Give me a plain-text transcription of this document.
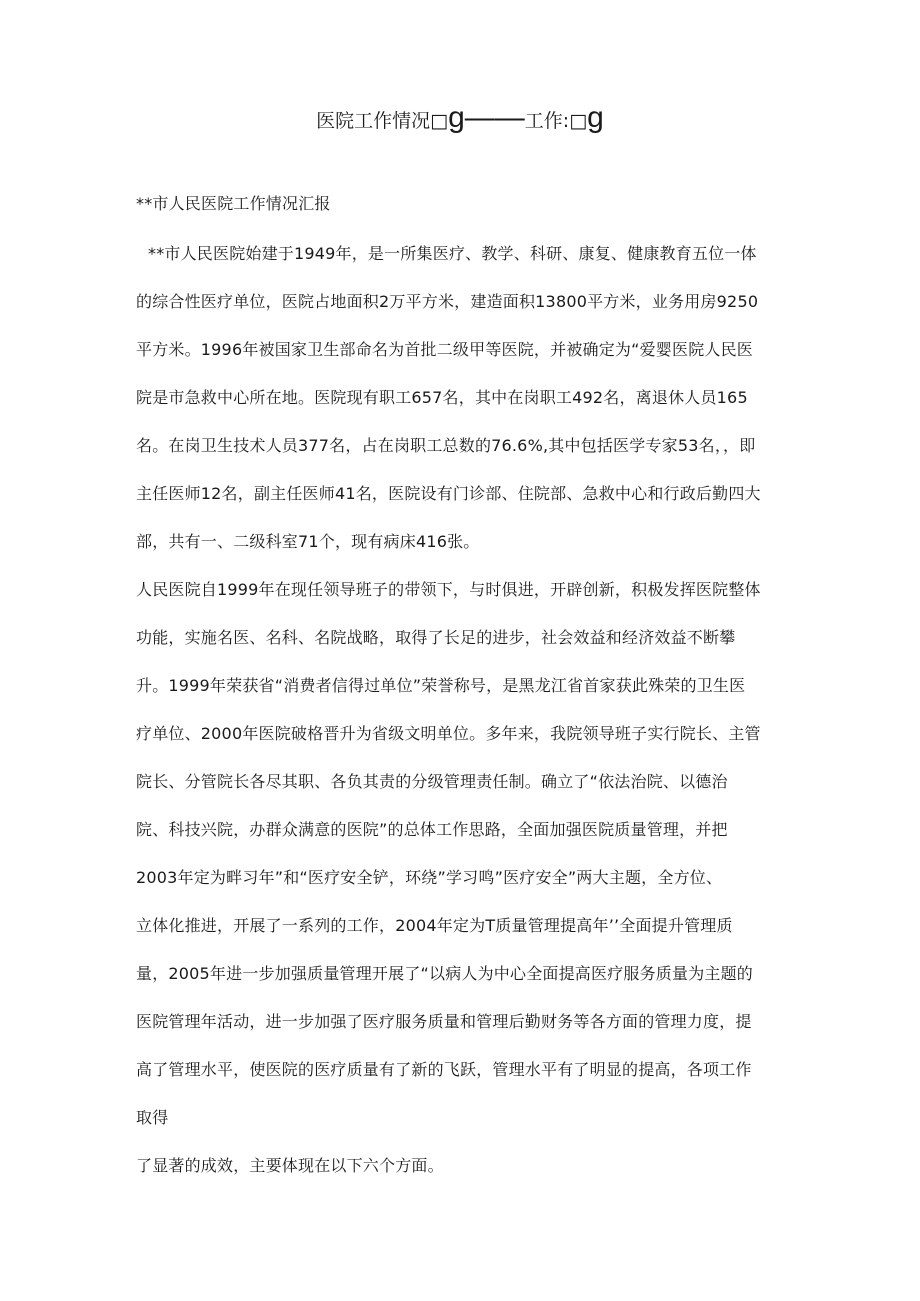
医院工作情况□g——工作:□g
**市人民医院工作情况汇报
**市人民医院始建于1949年，是一所集医疗、教学、科研、康复、健康教育五位一体
的综合性医疗单位，医院占地面积2万平方米，建造面积13800平方米，业务用房9250
平方米。1996年被国家卫生部命名为首批二级甲等医院，并被确定为“爱婴医院人民医
院是市急救中心所在地。医院现有职工657名，其中在岗职工492名，离退休人员165
名。在岗卫生技术人员377名，占在岗职工总数的76.6%,其中包括医学专家53名，，即
主任医师12名，副主任医师41名，医院设有门诊部、住院部、急救中心和行政后勤四大
部，共有一、二级科室71个，现有病床416张。
人民医院自1999年在现任领导班子的带领下，与时俱进，开辟创新，积极发挥医院整体
功能，实施名医、名科、名院战略，取得了长足的进步，社会效益和经济效益不断攀
升。1999年荣获省“消费者信得过单位”荣誉称号，是黑龙江省首家获此殊荣的卫生医
疗单位、2000年医院破格晋升为省级文明单位。多年来，我院领导班子实行院长、主管
院长、分管院长各尽其职、各负其责的分级管理责任制。确立了“依法治院、以德治
院、科技兴院，办群众满意的医院”的总体工作思路，全面加强医院质量管理，并把
2003年定为畔习年”和“医疗安全铲，环绕”学习鸣”医疗安全”两大主题，全方位、
立体化推进，开展了一系列的工作，2004年定为T质量管理提高年’’全面提升管理质
量，2005年进一步加强质量管理开展了“以病人为中心全面提高医疗服务质量为主题的
医院管理年活动，进一步加强了医疗服务质量和管理后勤财务等各方面的管理力度，提
高了管理水平，使医院的医疗质量有了新的飞跃，管理水平有了明显的提高，各项工作
取得
了显著的成效，主要体现在以下六个方面。
